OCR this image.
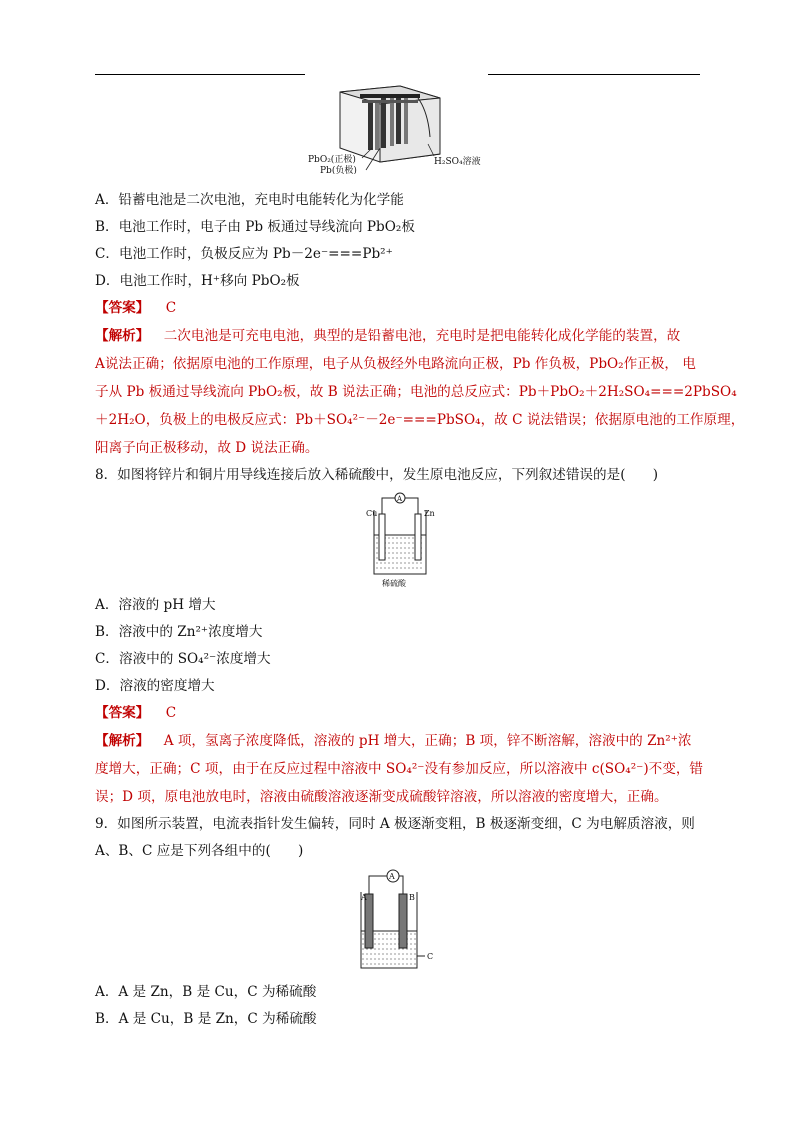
PbO₂(正极)
Pb(负极)
H₂SO₄溶液
A．铅蓄电池是二次电池，充电时电能转化为化学能
B．电池工作时，电子由 Pb 板通过导线流向 PbO₂板
C．电池工作时，负极反应为 Pb－2e⁻===Pb²⁺
D．电池工作时，H⁺移向 PbO₂板
【答案】 C
【解析】 二次电池是可充电电池，典型的是铅蓄电池，充电时是把电能转化成化学能的装置，故
A说法正确；依据原电池的工作原理，电子从负极经外电路流向正极，Pb 作负极，PbO₂作正极， 电
子从 Pb 板通过导线流向 PbO₂板，故 B 说法正确；电池的总反应式：Pb＋PbO₂＋2H₂SO₄===2PbSO₄
＋2H₂O，负极上的电极反应式：Pb＋SO₄²⁻－2e⁻===PbSO₄，故 C 说法错误；依据原电池的工作原理，
阳离子向正极移动，故 D 说法正确。
8．如图将锌片和铜片用导线连接后放入稀硫酸中，发生原电池反应，下列叙述错误的是(　　)
A
Cu	Zn
稀硫酸
A．溶液的 pH 增大
B．溶液中的 Zn²⁺浓度增大
C．溶液中的 SO₄²⁻浓度增大
D．溶液的密度增大
【答案】 C
【解析】 A 项，氢离子浓度降低，溶液的 pH 增大，正确；B 项，锌不断溶解，溶液中的 Zn²⁺浓
度增大，正确；C 项，由于在反应过程中溶液中 SO₄²⁻没有参加反应，所以溶液中 c(SO₄²⁻)不变，错
误；D 项，原电池放电时，溶液由硫酸溶液逐渐变成硫酸锌溶液，所以溶液的密度增大，正确。
9．如图所示装置，电流表指针发生偏转，同时 A 极逐渐变粗，B 极逐渐变细，C 为电解质溶液，则
A、B、C 应是下列各组中的(　　)
A
A	B
C
A．A 是 Zn，B 是 Cu，C 为稀硫酸
B．A 是 Cu，B 是 Zn，C 为稀硫酸
